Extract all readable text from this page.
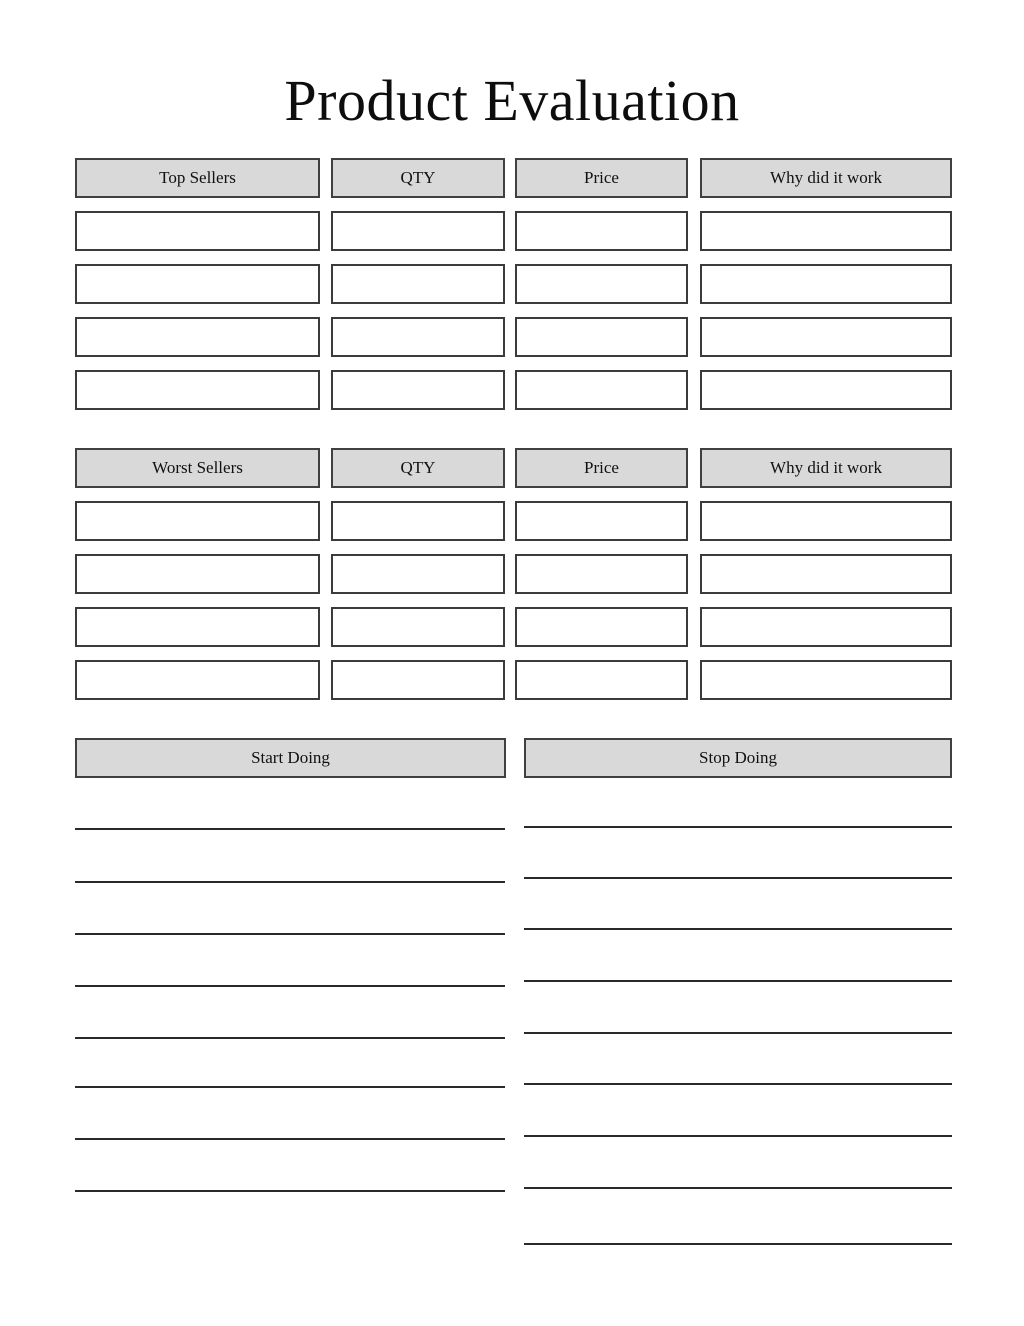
Product Evaluation
Top Sellers	QTY	Price	Why did it work
Worst Sellers	QTY	Price	Why did it work
Start Doing	Stop Doing
